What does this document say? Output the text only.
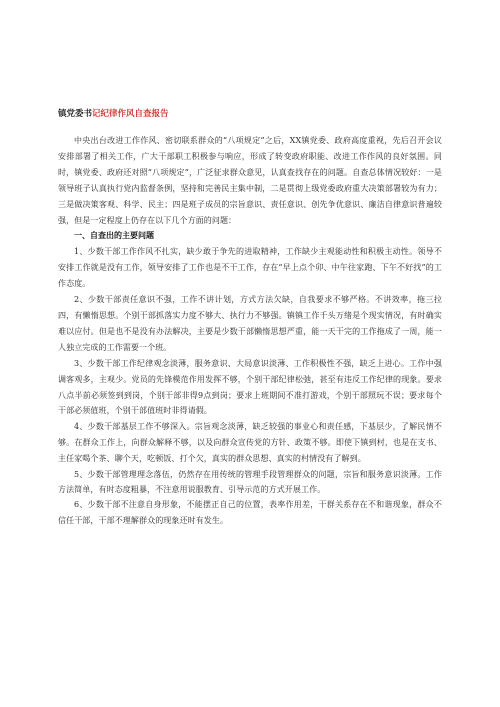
镇党委书记纪律作风自查报告

中央出台改进工作作风、密切联系群众的“八项规定”之后，XX镇党委、政府高度重视，先后召开会议安排部署了相关工作，广大干部职工积极参与响应，形成了转变政府职能、改进工作作风的良好氛围。同时，镇党委、政府还对照“八项规定”，广泛征求群众意见，认真查找存在的问题。自查总体情况较好：一是领导班子认真执行党内监督条例，坚持和完善民主集中制，二是贯彻上级党委政府重大决策部署较为有力；三是做决策客观、科学、民主；四是班子成员的宗旨意识、责任意识、创先争优意识、廉洁自律意识普遍较强，但是一定程度上仍存在以下几个方面的问题：

一、自查出的主要问题

1、少数干部工作作风不扎实，缺少敢于争先的进取精神，工作缺少主观能动性和积极主动性。领导不安排工作就是没有工作，领导安排了工作也是不干工作，存在“早上点个卯、中午往家跑、下午不好找”的工作态度。

2、少数干部责任意识不强，工作不讲计划，方式方法欠缺，自我要求不够严格。不讲效率，拖三拉四，有懒惰思想。个别干部抓落实力度不够大、执行力不够强。镇镇工作千头万绪是个现实情况，有时确实难以应付。但是也不是没有办法解决，主要是少数干部懒惰思想严重，能一天干完的工作拖成了一周，能一人独立完成的工作需要一个班。

3、少数干部工作纪律观念淡薄，服务意识、大局意识淡薄、工作积极性不强，缺乏上进心。工作中强调客观多，主观少。党员的先锋模范作用发挥不够，个别干部纪律松弛，甚至有违反工作纪律的现象。要求八点半前必须签到到岗，个别干部非得9点到岗；要求上班期间不准打游戏，个别干部照玩不误；要求每个干部必须值班，个别干部值班时非得请假。

4、少数干部基层工作不够深入。宗旨观念淡薄，缺乏较强的事业心和责任感，下基层少，了解民情不够。在群众工作上，向群众解释不够，以及向群众宣传党的方针、政策不够。即使下镇到村，也是在支书、主任家喝个茶、聊个天，吃顿饭、打个欠，真实的群众思想、真实的村情没有了解到。

5、少数干部管理理念落伍，仍然存在用传统的管理手段管理群众的问题，宗旨和服务意识淡薄。工作方法简单，有时态度粗暴，不注意用说服教育、引导示范的方式开展工作。

6、少数干部不注意自身形象，不能摆正自己的位置，表率作用差，干群关系存在不和谐现象，群众不信任干部，干部不理解群众的现象还时有发生。
